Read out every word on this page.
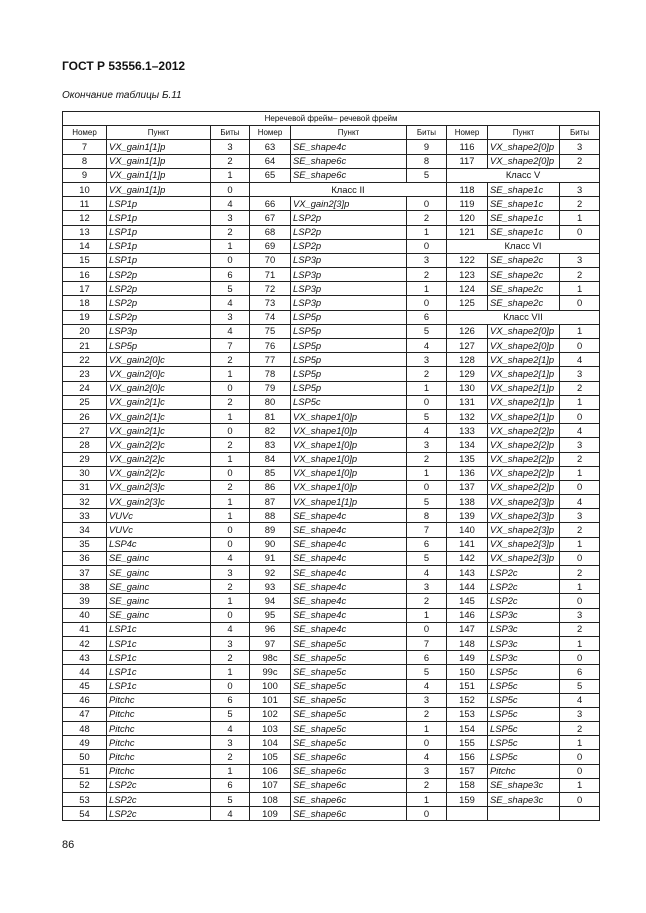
ГОСТ Р 53556.1–2012
Окончание таблицы Б.11
Неречевой фрейм– речевой фрейм								
Номер	Пункт	Биты	Номер	Пункт	Биты	Номер	Пункт	Биты
7	VX_gain1[1]p	3	63	SE_shape4c	9	116	VX_shape2[0]p	3
8	VX_gain1[1]p	2	64	SE_shape6c	8	117	VX_shape2[0]p	2
9	VX_gain1[1]p	1	65	SE_shape6c	5	Класс V		
10	VX_gain1[1]p	0	Класс II			118	SE_shape1c	3
11	LSP1p	4	66	VX_gain2[3]p	0	119	SE_shape1c	2
12	LSP1p	3	67	LSP2p	2	120	SE_shape1c	1
13	LSP1p	2	68	LSP2p	1	121	SE_shape1c	0
14	LSP1p	1	69	LSP2p	0	Класс VI		
15	LSP1p	0	70	LSP3p	3	122	SE_shape2c	3
16	LSP2p	6	71	LSP3p	2	123	SE_shape2c	2
17	LSP2p	5	72	LSP3p	1	124	SE_shape2c	1
18	LSP2p	4	73	LSP3p	0	125	SE_shape2c	0
19	LSP2p	3	74	LSP5p	6	Класс VII		
20	LSP3p	4	75	LSP5p	5	126	VX_shape2[0]p	1
21	LSP5p	7	76	LSP5p	4	127	VX_shape2[0]p	0
22	VX_gain2[0]c	2	77	LSP5p	3	128	VX_shape2[1]p	4
23	VX_gain2[0]c	1	78	LSP5p	2	129	VX_shape2[1]p	3
24	VX_gain2[0]c	0	79	LSP5p	1	130	VX_shape2[1]p	2
25	VX_gain2[1]c	2	80	LSP5c	0	131	VX_shape2[1]p	1
26	VX_gain2[1]c	1	81	VX_shape1[0]p	5	132	VX_shape2[1]p	0
27	VX_gain2[1]c	0	82	VX_shape1[0]p	4	133	VX_shape2[2]p	4
28	VX_gain2[2]c	2	83	VX_shape1[0]p	3	134	VX_shape2[2]p	3
29	VX_gain2[2]c	1	84	VX_shape1[0]p	2	135	VX_shape2[2]p	2
30	VX_gain2[2]c	0	85	VX_shape1[0]p	1	136	VX_shape2[2]p	1
31	VX_gain2[3]c	2	86	VX_shape1[0]p	0	137	VX_shape2[2]p	0
32	VX_gain2[3]c	1	87	VX_shape1[1]p	5	138	VX_shape2[3]p	4
33	VUVc	1	88	SE_shape4c	8	139	VX_shape2[3]p	3
34	VUVc	0	89	SE_shape4c	7	140	VX_shape2[3]p	2
35	LSP4c	0	90	SE_shape4c	6	141	VX_shape2[3]p	1
36	SE_gainc	4	91	SE_shape4c	5	142	VX_shape2[3]p	0
37	SE_gainc	3	92	SE_shape4c	4	143	LSP2c	2
38	SE_gainc	2	93	SE_shape4c	3	144	LSP2c	1
39	SE_gainc	1	94	SE_shape4c	2	145	LSP2c	0
40	SE_gainc	0	95	SE_shape4c	1	146	LSP3c	3
41	LSP1c	4	96	SE_shape4c	0	147	LSP3c	2
42	LSP1c	3	97	SE_shape5c	7	148	LSP3c	1
43	LSP1c	2	98c	SE_shape5c	6	149	LSP3c	0
44	LSP1c	1	99c	SE_shape5c	5	150	LSP5c	6
45	LSP1c	0	100	SE_shape5c	4	151	LSP5c	5
46	Pitchc	6	101	SE_shape5c	3	152	LSP5c	4
47	Pitchc	5	102	SE_shape5c	2	153	LSP5c	3
48	Pitchc	4	103	SE_shape5c	1	154	LSP5c	2
49	Pitchc	3	104	SE_shape5c	0	155	LSP5c	1
50	Pitchc	2	105	SE_shape6c	4	156	LSP5c	0
51	Pitchc	1	106	SE_shape6c	3	157	Pitchc	0
52	LSP2c	6	107	SE_shape6c	2	158	SE_shape3c	1
53	LSP2c	5	108	SE_shape6c	1	159	SE_shape3c	0
54	LSP2c	4	109	SE_shape6c	0			
86
